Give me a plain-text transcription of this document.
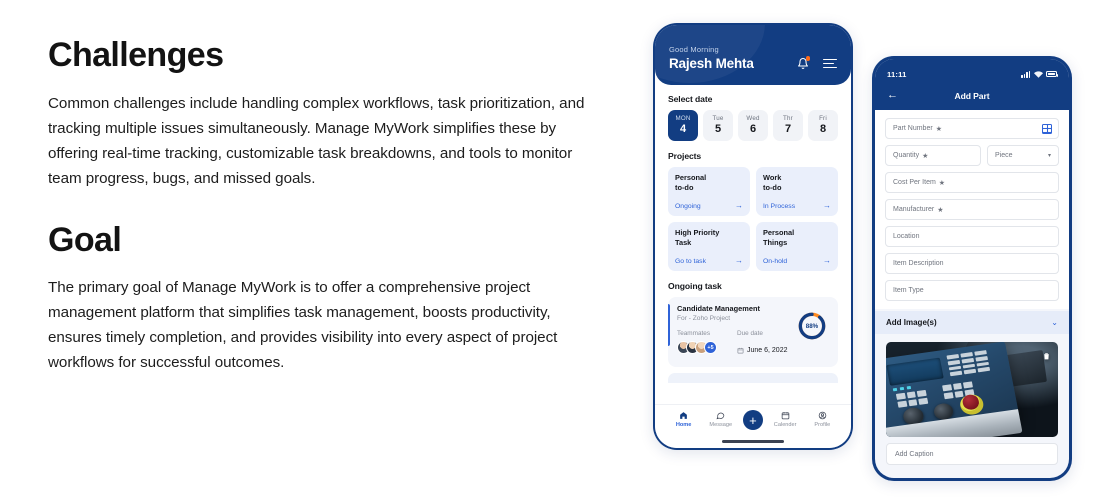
Challenges
Common challenges include handling complex workflows, task prioritization, and tracking multiple issues simultaneously. Manage MyWork simplifies these by offering real-time tracking, customizable task breakdowns, and tools to monitor team progress, bugs, and missed goals.
Goal
The primary goal of Manage MyWork is to offer a comprehensive project management platform that simplifies task management, boosts productivity, ensures timely completion, and provides visibility into every aspect of project workflows for successful outcomes.
Good Morning
Rajesh Mehta
Select date
MON
4
Tue
5
Wed
6
Thr
7
Fri
8
Projects
Personal
to-do
Ongoing	→
Work
to-do
In Process	→
High Priority
Task
Go to task	→
Personal
Things
On-hold	→
Ongoing task
Candidate Management
For - Zoho Project
Teammates
+5
Due date
June 6, 2022
88%
Home	Message	+	Calender	Profile
11:11
←	Add Part
Part Number ★
Quantity ★	Piece	▾
Cost Per Item ★
Manufacturer ★
Location
Item Description
Item Type
Add Image(s)	⌄
Add Caption
